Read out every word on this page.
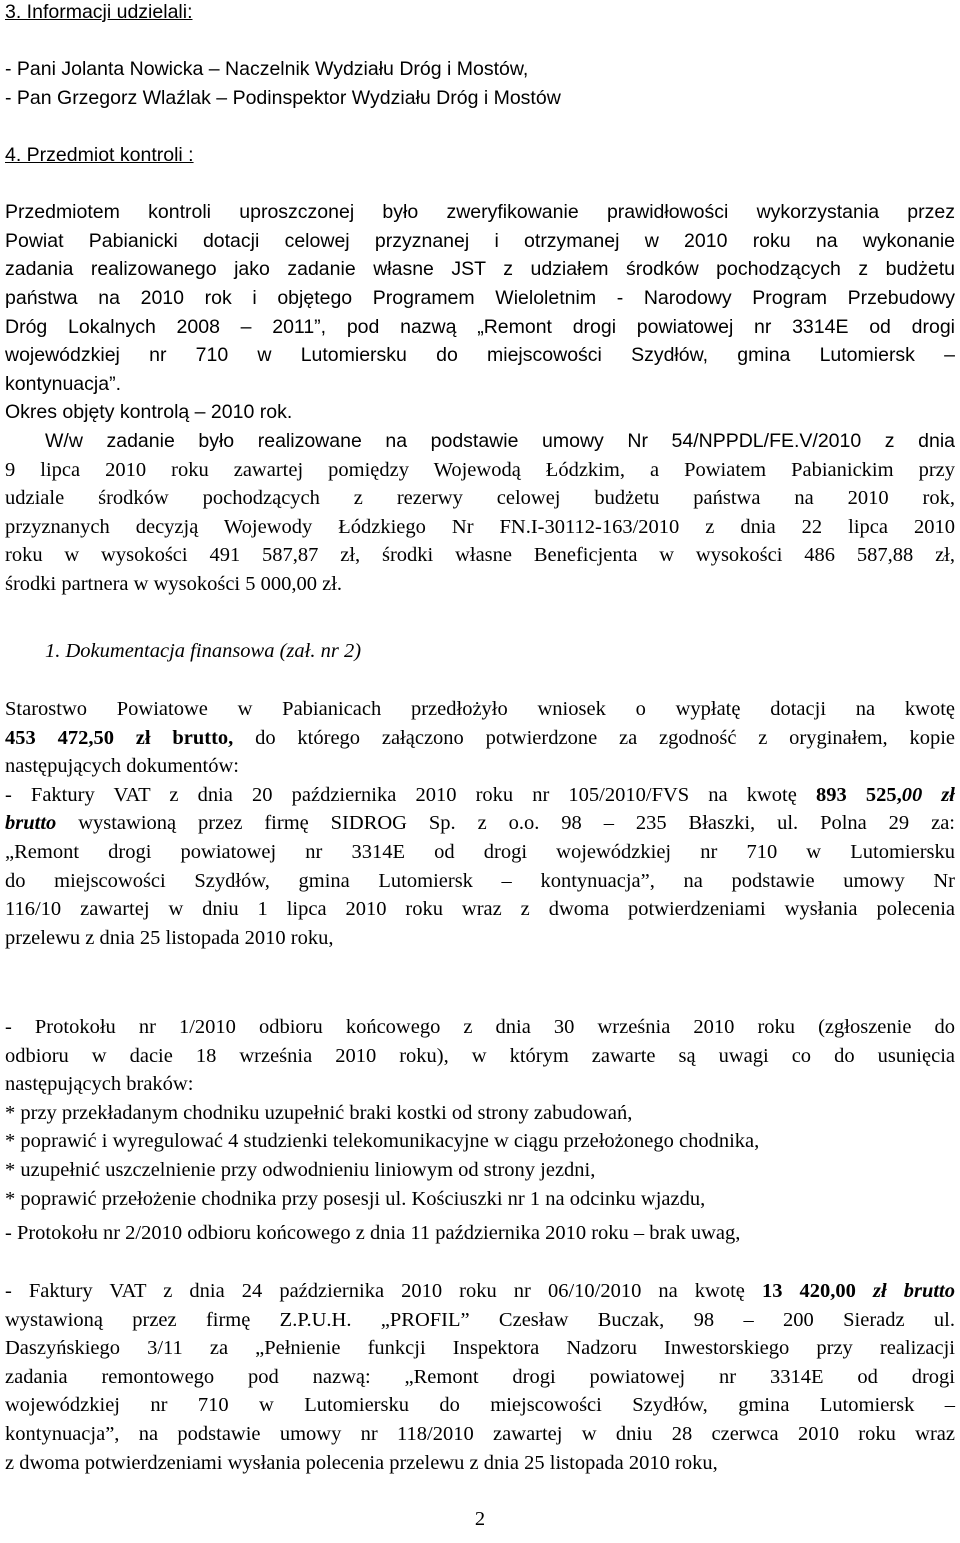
3. Informacji udzielali:
- Pani Jolanta Nowicka – Naczelnik Wydziału Dróg i Mostów,
- Pan Grzegorz Wlaźlak – Podinspektor Wydziału Dróg i Mostów
4. Przedmiot kontroli :
Przedmiotem kontroli uproszczonej było zweryfikowanie prawidłowości wykorzystania przez
Powiat Pabianicki dotacji celowej przyznanej i otrzymanej w 2010 roku na wykonanie
zadania realizowanego jako zadanie własne JST z udziałem środków pochodzących z budżetu
państwa na 2010 rok i objętego Programem Wieloletnim - Narodowy Program Przebudowy
Dróg Lokalnych 2008 – 2011”, pod nazwą „Remont drogi powiatowej nr 3314E od drogi
wojewódzkiej nr 710 w Lutomiersku do miejscowości Szydłów, gmina Lutomiersk –
kontynuacja”.
Okres objęty kontrolą – 2010 rok.
W/w zadanie było realizowane na podstawie umowy Nr 54/NPPDL/FE.V/2010 z dnia
9 lipca 2010 roku zawartej pomiędzy Wojewodą Łódzkim, a Powiatem Pabianickim przy
udziale środków pochodzących z rezerwy celowej budżetu państwa na 2010 rok,
przyznanych decyzją Wojewody Łódzkiego Nr FN.I-30112-163/2010 z dnia 22 lipca 2010
roku w wysokości 491 587,87 zł, środki własne Beneficjenta w wysokości 486 587,88 zł,
środki partnera w wysokości 5 000,00 zł.
1. Dokumentacja finansowa (zał. nr 2)
Starostwo Powiatowe w Pabianicach przedłożyło wniosek o wypłatę dotacji na kwotę
453 472,50 zł brutto, do którego załączono potwierdzone za zgodność z oryginałem, kopie
następujących dokumentów:
- Faktury VAT z dnia 20 października 2010 roku nr 105/2010/FVS na kwotę 893 525,00 zł
brutto wystawioną przez firmę SIDROG Sp. z o.o. 98 – 235 Błaszki, ul. Polna 29 za:
„Remont drogi powiatowej nr 3314E od drogi wojewódzkiej nr 710 w Lutomiersku
do miejscowości Szydłów, gmina Lutomiersk – kontynuacja”, na podstawie umowy Nr
116/10 zawartej w dniu 1 lipca 2010 roku wraz z dwoma potwierdzeniami wysłania polecenia
przelewu z dnia 25 listopada 2010 roku,
- Protokołu nr 1/2010 odbioru końcowego z dnia 30 września 2010 roku (zgłoszenie do
odbioru w dacie 18 września 2010 roku), w którym zawarte są uwagi co do usunięcia
następujących braków:
* przy przekładanym chodniku uzupełnić braki kostki od strony zabudowań,
* poprawić i wyregulować 4 studzienki telekomunikacyjne w ciągu przełożonego chodnika,
* uzupełnić uszczelnienie przy odwodnieniu liniowym od strony jezdni,
* poprawić przełożenie chodnika przy posesji ul. Kościuszki nr 1 na odcinku wjazdu,
- Protokołu nr 2/2010 odbioru końcowego z dnia 11 października 2010 roku – brak uwag,
- Faktury VAT z dnia 24 października 2010 roku nr 06/10/2010 na kwotę 13 420,00 zł brutto
wystawioną przez firmę Z.P.U.H. „PROFIL” Czesław Buczak, 98 – 200 Sieradz ul.
Daszyńskiego 3/11 za „Pełnienie funkcji Inspektora Nadzoru Inwestorskiego przy realizacji
zadania remontowego pod nazwą: „Remont drogi powiatowej nr 3314E od drogi
wojewódzkiej nr 710 w Lutomiersku do miejscowości Szydłów, gmina Lutomiersk –
kontynuacja”, na podstawie umowy nr 118/2010 zawartej w dniu 28 czerwca 2010 roku wraz
z dwoma potwierdzeniami wysłania polecenia przelewu z dnia 25 listopada 2010 roku,
2
